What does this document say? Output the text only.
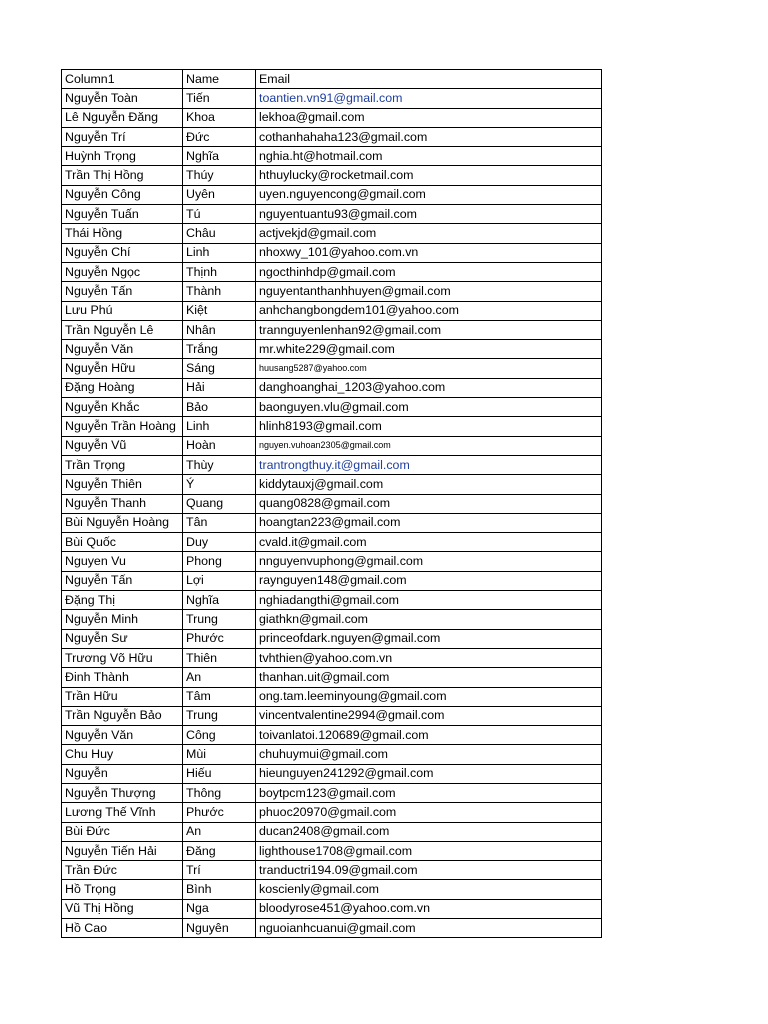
Column1	Name	Email
Nguyễn Toàn	Tiến	toantien.vn91@gmail.com
Lê Nguyễn Đăng	Khoa	lekhoa@gmail.com
Nguyễn Trí	Đức	cothanhahaha123@gmail.com
Huỳnh Trọng	Nghĩa	nghia.ht@hotmail.com
Trần Thị Hồng	Thúy	hthuylucky@rocketmail.com
Nguyễn Công	Uyên	uyen.nguyencong@gmail.com
Nguyễn Tuấn	Tú	nguyentuantu93@gmail.com
Thái Hồng	Châu	actjvekjd@gmail.com
Nguyễn Chí	Linh	nhoxwy_101@yahoo.com.vn
Nguyễn Ngọc	Thịnh	ngocthinhdp@gmail.com
Nguyễn Tấn	Thành	nguyentanthanhhuyen@gmail.com
Lưu Phú	Kiệt	anhchangbongdem101@yahoo.com
Trần Nguyễn Lê	Nhân	trannguyenlenhan92@gmail.com
Nguyễn Văn	Trắng	mr.white229@gmail.com
Nguyễn Hữu	Sáng	huusang5287@yahoo.com
Đặng Hoàng	Hải	danghoanghai_1203@yahoo.com
Nguyễn Khắc	Bảo	baonguyen.vlu@gmail.com
Nguyễn Trần Hoàng	Linh	hlinh8193@gmail.com
Nguyễn Vũ	Hoàn	nguyen.vuhoan2305@gmail.com
Trần Trọng	Thùy	trantrongthuy.it@gmail.com
Nguyễn Thiên	Ý	kiddytauxj@gmail.com
Nguyễn Thanh	Quang	quang0828@gmail.com
Bùi Nguyễn Hoàng	Tân	hoangtan223@gmail.com
Bùi Quốc	Duy	cvald.it@gmail.com
Nguyen Vu	Phong	nnguyenvuphong@gmail.com
Nguyễn Tấn	Lợi	raynguyen148@gmail.com
Đặng Thị	Nghĩa	nghiadangthi@gmail.com
Nguyễn Minh	Trung	giathkn@gmail.com
Nguyễn Sư	Phước	princeofdark.nguyen@gmail.com
Trương Võ Hữu	Thiên	tvhthien@yahoo.com.vn
Đinh Thành	An	thanhan.uit@gmail.com
Trần Hữu	Tâm	ong.tam.leeminyoung@gmail.com
Trần Nguyễn Bảo	Trung	vincentvalentine2994@gmail.com
Nguyễn Văn	Công	toivanlatoi.120689@gmail.com
Chu Huy	Mùi	chuhuymui@gmail.com
Nguyễn	Hiếu	hieunguyen241292@gmail.com
Nguyễn Thượng	Thông	boytpcm123@gmail.com
Lương Thế Vĩnh	Phước	phuoc20970@gmail.com
Bùi Đức	An	ducan2408@gmail.com
Nguyễn Tiến Hải	Đăng	lighthouse1708@gmail.com
Trần Đức	Trí	tranductri194.09@gmail.com
Hồ Trọng	Bình	koscienly@gmail.com
Vũ Thị Hồng	Nga	bloodyrose451@yahoo.com.vn
Hồ Cao	Nguyên	nguoianhcuanui@gmail.com
